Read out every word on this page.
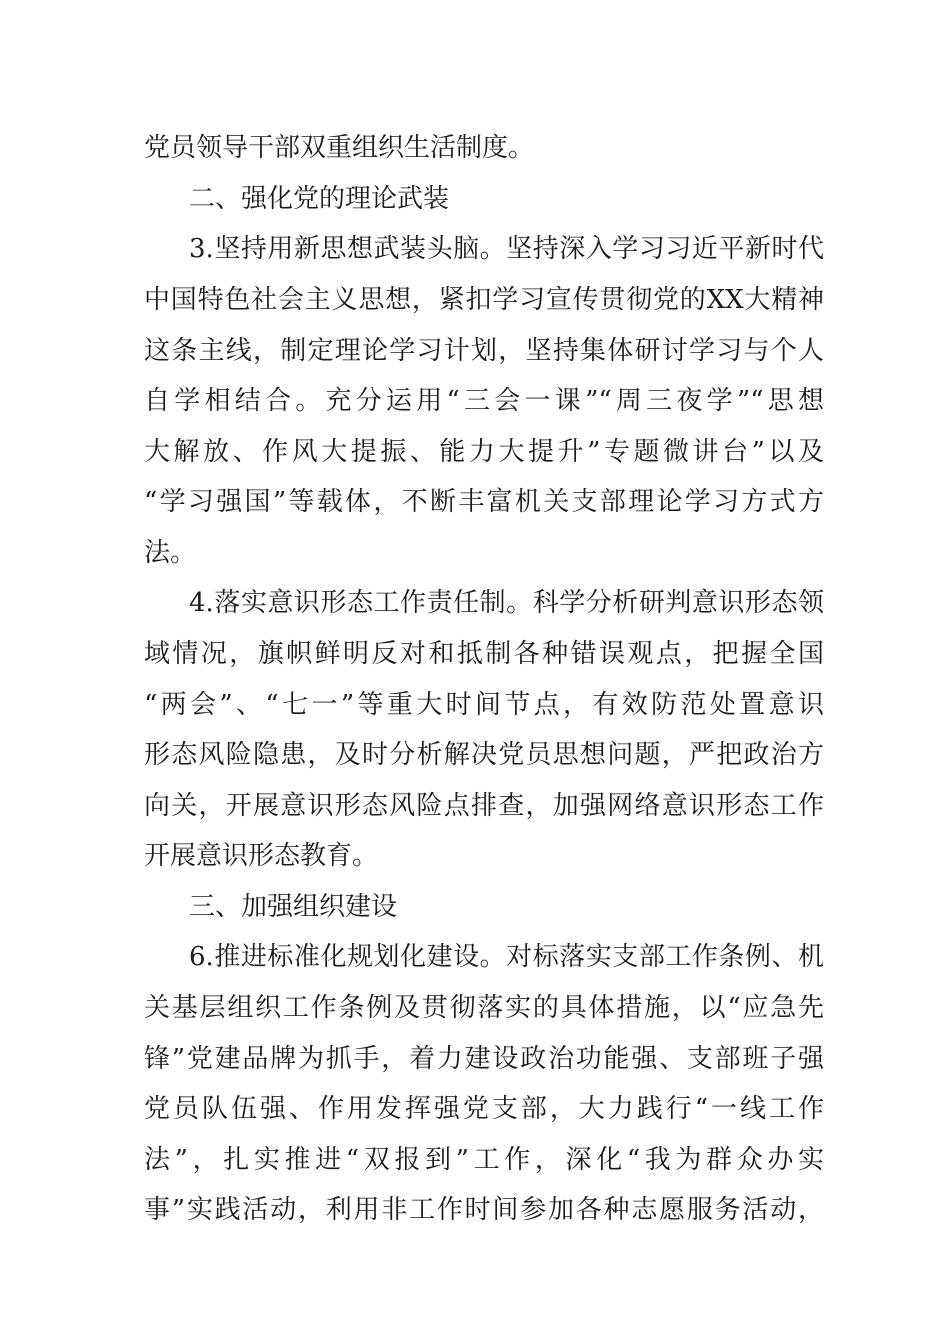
党员领导干部双重组织生活制度。
二、强化党的理论武装
3.坚持用新思想武装头脑。坚持深入学习习近平新时代
中国特色社会主义思想，紧扣学习宣传贯彻党的XX大精神
这条主线，制定理论学习计划，坚持集体研讨学习与个人
自学相结合。充分运用“三会一课”“周三夜学”“思想
大解放、作风大提振、能力大提升”专题微讲台”以及
“学习强国”等载体，不断丰富机关支部理论学习方式方
法。
4.落实意识形态工作责任制。科学分析研判意识形态领
域情况，旗帜鲜明反对和抵制各种错误观点，把握全国
“两会”、“七一”等重大时间节点，有效防范处置意识
形态风险隐患，及时分析解决党员思想问题，严把政治方
向关，开展意识形态风险点排查，加强网络意识形态工作
开展意识形态教育。
三、加强组织建设
6.推进标准化规划化建设。对标落实支部工作条例、机
关基层组织工作条例及贯彻落实的具体措施，以“应急先
锋”党建品牌为抓手，着力建设政治功能强、支部班子强
党员队伍强、作用发挥强党支部，大力践行“一线工作
法”，扎实推进“双报到”工作，深化“我为群众办实
事”实践活动，利用非工作时间参加各种志愿服务活动，
